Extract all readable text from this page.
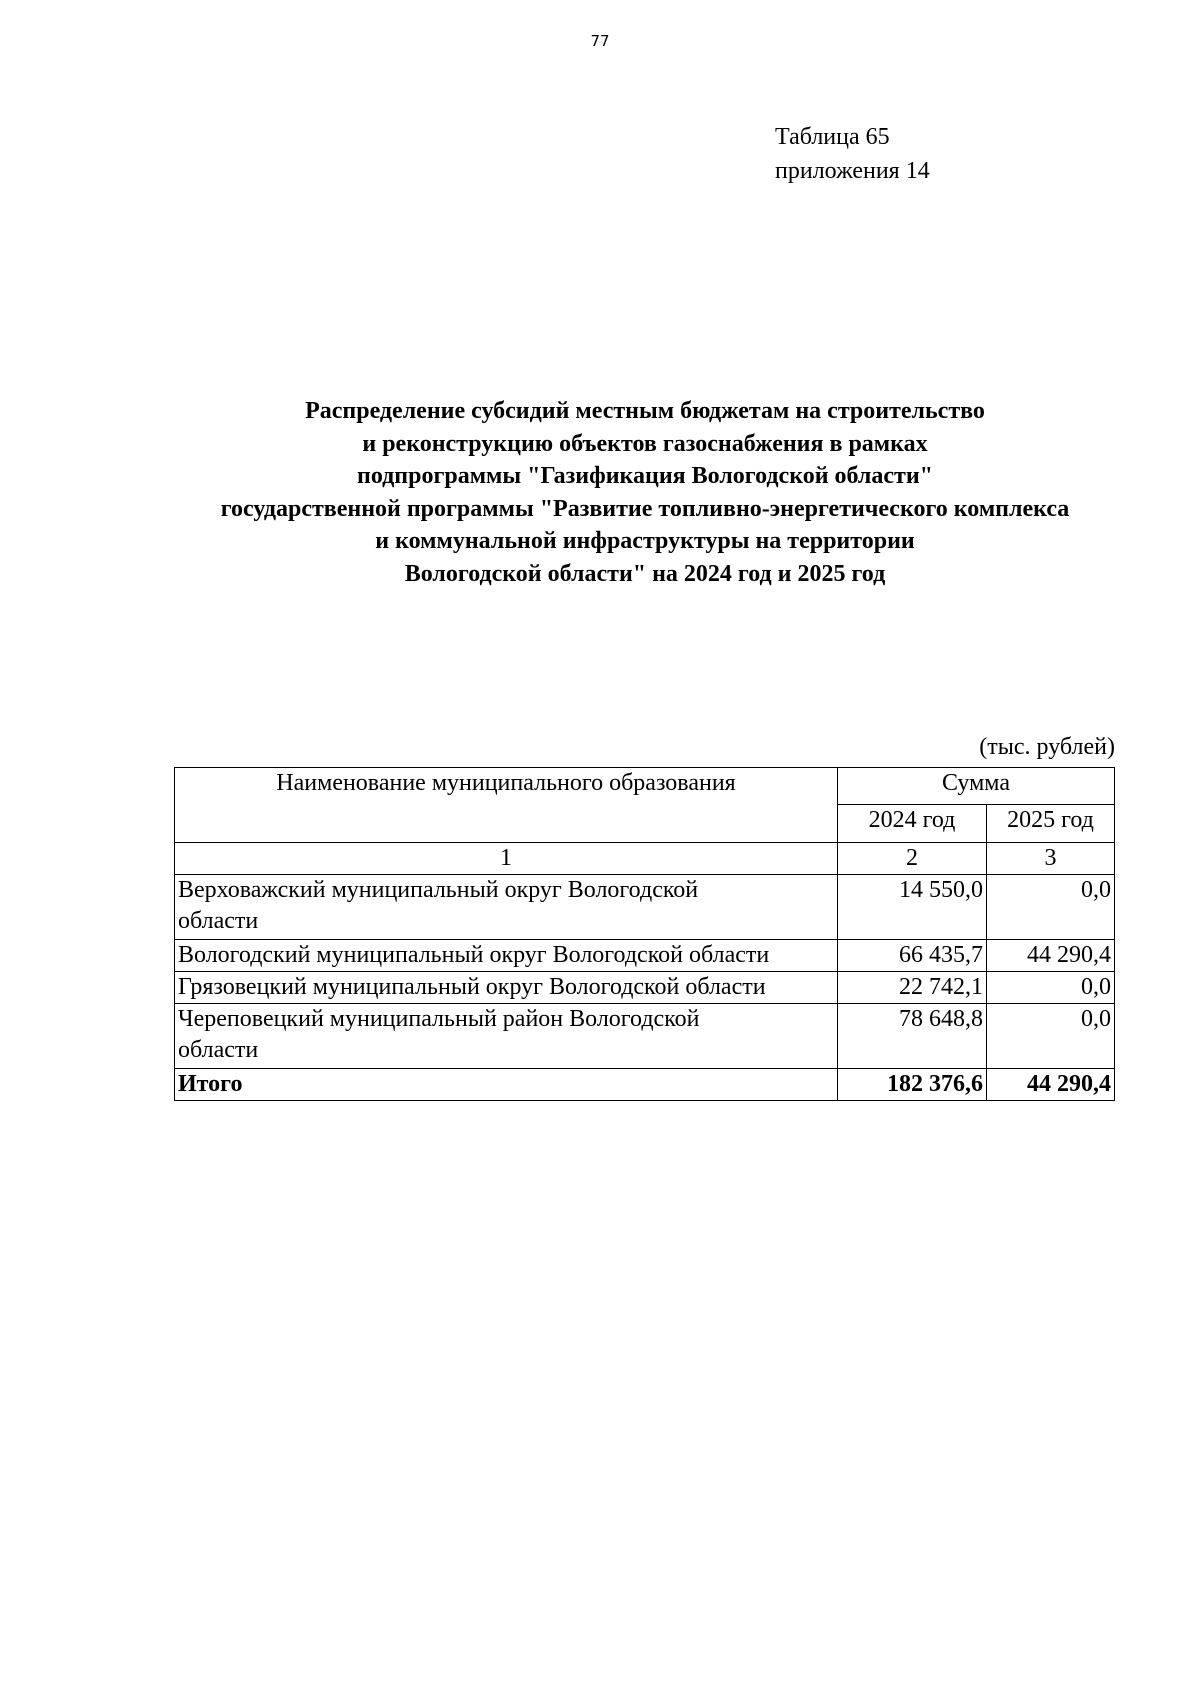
77
Таблица 65
приложения 14
Распределение субсидий местным бюджетам на строительство
и реконструкцию объектов газоснабжения в рамках
подпрограммы "Газификация Вологодской области"
государственной программы "Развитие топливно-энергетического комплекса
и коммунальной инфраструктуры на территории
Вологодской области" на 2024 год и 2025 год
(тыс. рублей)
Наименование муниципального образования	Сумма	
	2024 год	2025 год
1	2	3

Верховажский муниципальный округ Вологодской
области	14 550,0	0,0
Вологодский муниципальный округ Вологодской области	66 435,7	44 290,4
Грязовецкий муниципальный округ Вологодской области	22 742,1	0,0

Череповецкий муниципальный район Вологодской
области	78 648,8	0,0
Итого	182 376,6	44 290,4
